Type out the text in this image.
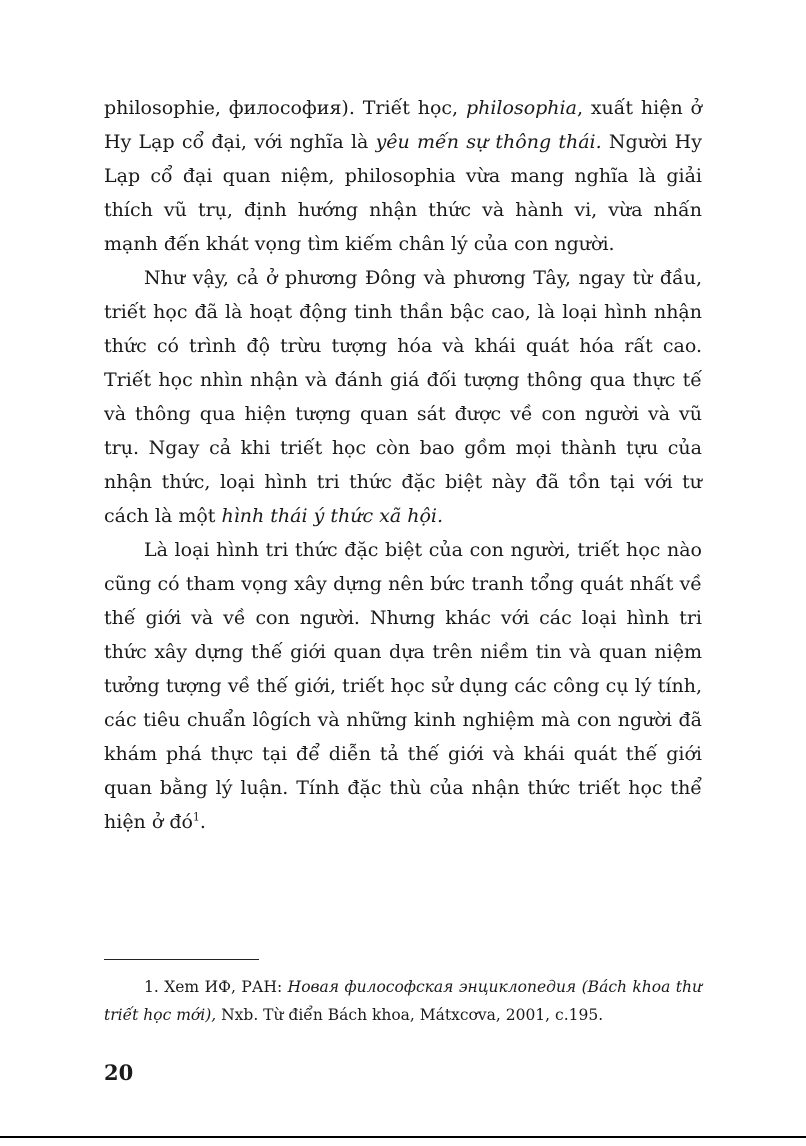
philosophie, философия). Triết học, philosophia, xuất hiện ở Hy Lạp cổ đại, với nghĩa là yêu mến sự thông thái. Người Hy Lạp cổ đại quan niệm, philosophia vừa mang nghĩa là giải thích vũ trụ, định hướng nhận thức và hành vi, vừa nhấn mạnh đến khát vọng tìm kiếm chân lý của con người.

Như vậy, cả ở phương Đông và phương Tây, ngay từ đầu, triết học đã là hoạt động tinh thần bậc cao, là loại hình nhận thức có trình độ trừu tượng hóa và khái quát hóa rất cao. Triết học nhìn nhận và đánh giá đối tượng thông qua thực tế và thông qua hiện tượng quan sát được về con người và vũ trụ. Ngay cả khi triết học còn bao gồm mọi thành tựu của nhận thức, loại hình tri thức đặc biệt này đã tồn tại với tư cách là một hình thái ý thức xã hội.

Là loại hình tri thức đặc biệt của con người, triết học nào cũng có tham vọng xây dựng nên bức tranh tổng quát nhất về thế giới và về con người. Nhưng khác với các loại hình tri thức xây dựng thế giới quan dựa trên niềm tin và quan niệm tưởng tượng về thế giới, triết học sử dụng các công cụ lý tính, các tiêu chuẩn lôgích và những kinh nghiệm mà con người đã khám phá thực tại để diễn tả thế giới và khái quát thế giới quan bằng lý luận. Tính đặc thù của nhận thức triết học thể hiện ở $đó^1$.

1. Xem ИФ, РАН: Новая философская энциклопедия (Bách khoa thư triết học mới), Nxb. Từ điển Bách khoa, Mátxcơva, 2001, c.195.

20
